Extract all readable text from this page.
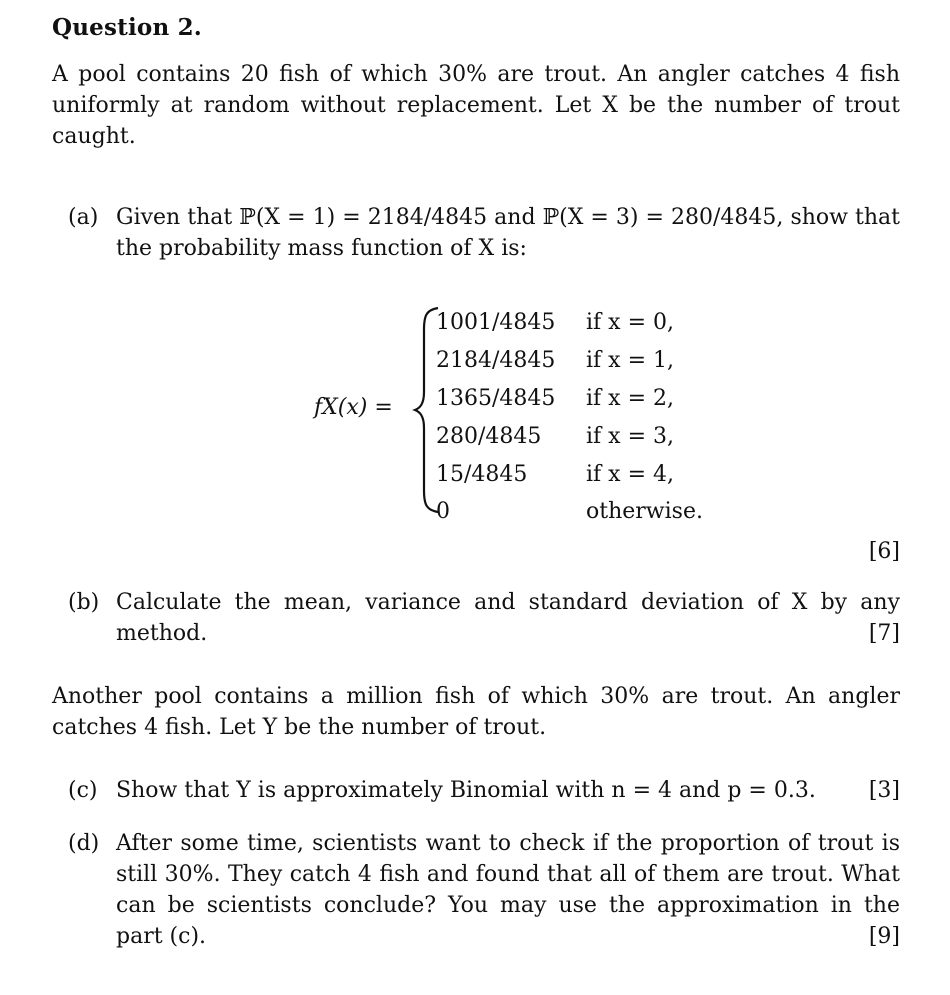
Question 2.

A pool contains 20 fish of which 30% are trout. An angler catches 4 fish uniformly at random without replacement. Let X be the number of trout caught.

(a) Given that ℙ(X = 1) = 2184/4845 and ℙ(X = 3) = 280/4845, show that the probability mass function of X is:
fX(x) =
1001/4845	if x = 0,
2184/4845	if x = 1,
1365/4845	if x = 2,
280/4845	if x = 3,
15/4845	if x = 4,
0	otherwise.
[6]
(b) Calculate the mean, variance and standard deviation of X by any method.	[7]

Another pool contains a million fish of which 30% are trout. An angler catches 4 fish. Let Y be the number of trout.

(c) Show that Y is approximately Binomial with n = 4 and p = 0.3. [3]
(d) After some time, scientists want to check if the proportion of trout is still 30%. They catch 4 fish and found that all of them are trout. What can be scientists conclude? You may use the approximation in the part (c).	[9]
